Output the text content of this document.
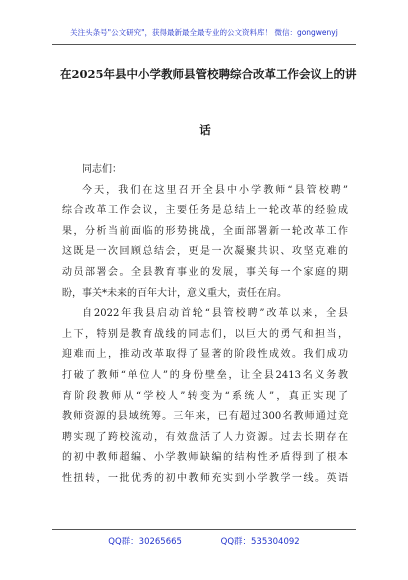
关注头条号"公文研究"，获得最新最全最专业的公文资料库！ 微信：gongwenyj
在2025年县中小学教师县管校聘综合改革工作会议上的讲
话
同志们：
今天，我们在这里召开全县中小学教师“县管校聘”
综合改革工作会议，主要任务是总结上一轮改革的经验成
果，分析当前面临的形势挑战，全面部署新一轮改革工作
这既是一次回顾总结会，更是一次凝聚共识、攻坚克难的
动员部署会。全县教育事业的发展，事关每一个家庭的期
盼，事关*未来的百年大计，意义重大，责任在肩。
自2022年我县启动首轮“县管校聘”改革以来，全县
上下，特别是教育战线的同志们，以巨大的勇气和担当，
迎难而上，推动改革取得了显著的阶段性成效。我们成功
打破了教师“单位人”的身份壁垒，让全县2413名义务教
育阶段教师从“学校人”转变为“系统人”，真正实现了
教师资源的县域统筹。三年来，已有超过300名教师通过竞
聘实现了跨校流动，有效盘活了人力资源。过去长期存在
的初中教师超编、小学教师缺编的结构性矛盾得到了根本
性扭转，一批优秀的初中教师充实到小学教学一线。英语
QQ群：30265665	QQ群：535304092
